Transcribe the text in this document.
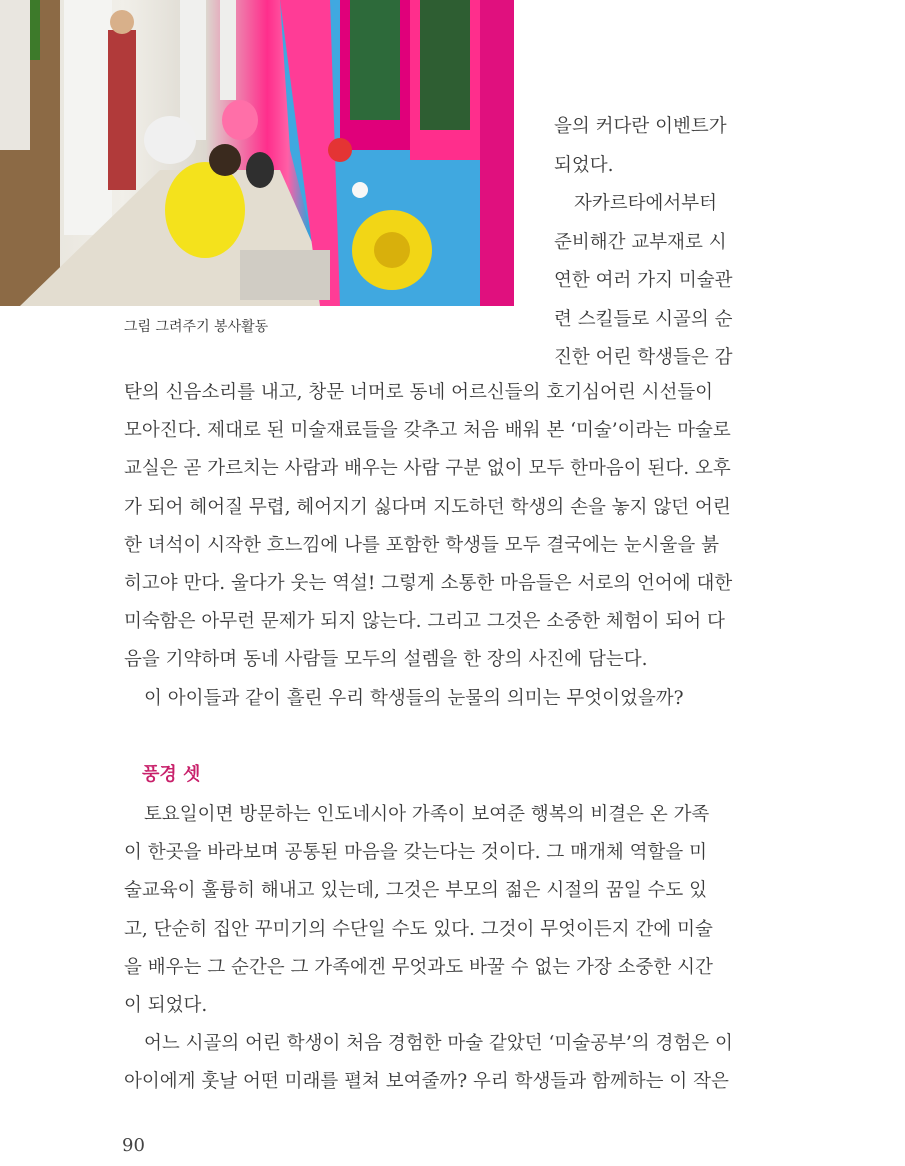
그림 그려주기 봉사활동

을의 커다란 이벤트가

되었다.

자카르타에서부터

준비해간 교부재로 시

연한 여러 가지 미술관

련 스킬들로 시골의 순

진한 어린 학생들은 감

탄의 신음소리를 내고, 창문 너머로 동네 어르신들의 호기심어린 시선들이
모아진다. 제대로 된 미술재료들을 갖추고 처음 배워 본 ‘미술’이라는 마술로
교실은 곧 가르치는 사람과 배우는 사람 구분 없이 모두 한마음이 된다. 오후
가 되어 헤어질 무렵, 헤어지기 싫다며 지도하던 학생의 손을 놓지 않던 어린
한 녀석이 시작한 흐느낌에 나를 포함한 학생들 모두 결국에는 눈시울을 붉
히고야 만다. 울다가 웃는 역설! 그렇게 소통한 마음들은 서로의 언어에 대한
미숙함은 아무런 문제가 되지 않는다. 그리고 그것은 소중한 체험이 되어 다
음을 기약하며 동네 사람들 모두의 설렘을 한 장의 사진에 담는다.
이 아이들과 같이 흘린 우리 학생들의 눈물의 의미는 무엇이었을까?
풍경 셋
토요일이면 방문하는 인도네시아 가족이 보여준 행복의 비결은 온 가족
이 한곳을 바라보며 공통된 마음을 갖는다는 것이다. 그 매개체 역할을 미
술교육이 훌륭히 해내고 있는데, 그것은 부모의 젊은 시절의 꿈일 수도 있
고, 단순히 집안 꾸미기의 수단일 수도 있다. 그것이 무엇이든지 간에 미술
을 배우는 그 순간은 그 가족에겐 무엇과도 바꿀 수 없는 가장 소중한 시간
이 되었다.
어느 시골의 어린 학생이 처음 경험한 마술 같았던 ‘미술공부’의 경험은 이
아이에게 훗날 어떤 미래를 펼쳐 보여줄까? 우리 학생들과 함께하는 이 작은
90
